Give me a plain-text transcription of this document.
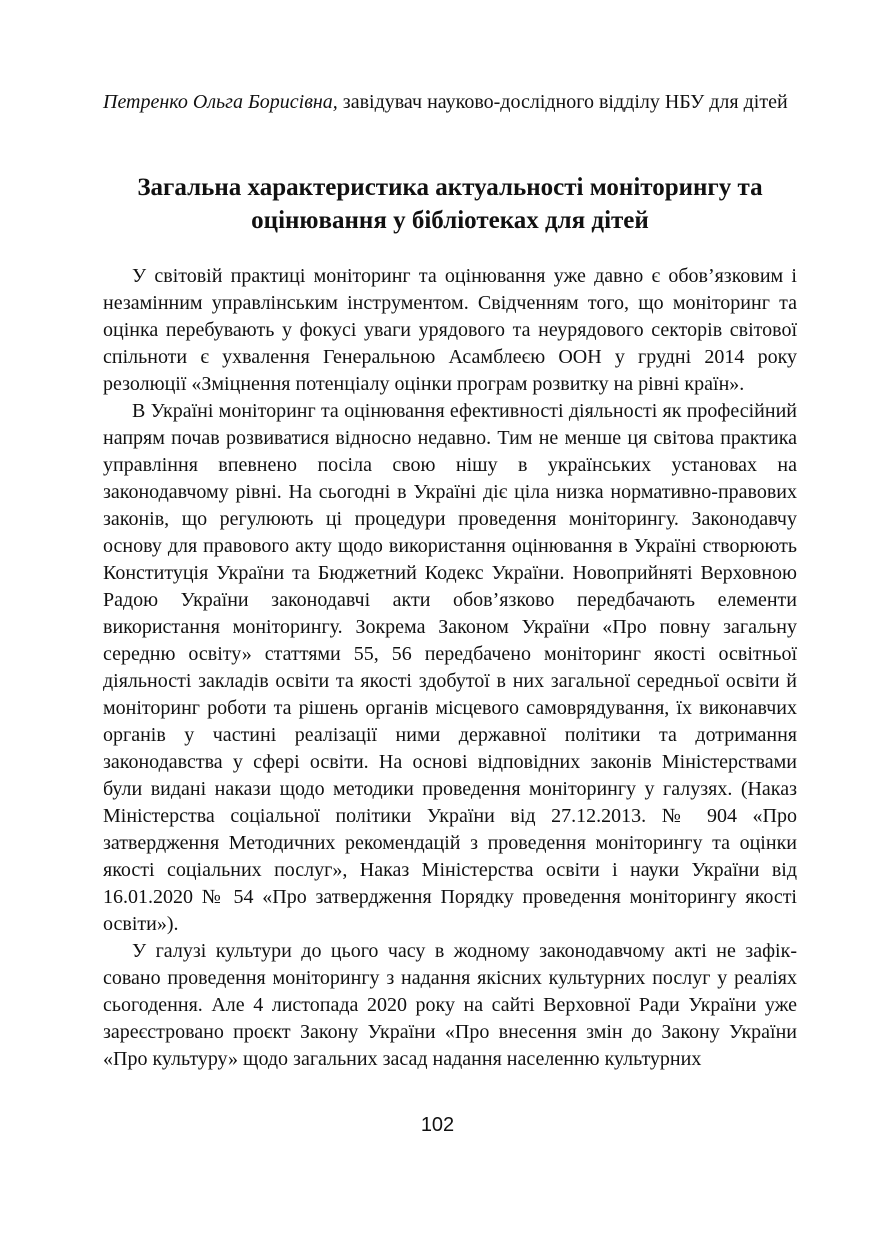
Петренко Ольга Борисівна, завідувач науково-дослідного відділу НБУ для дітей

Загальна характеристика актуальності моніторингу та оцінювання у бібліотеках для дітей

У світовій практиці моніторинг та оцінювання уже давно є обов’язковим і незамінним управлінським інструментом. Свідченням того, що моніторинг та оцінка перебувають у фокусі уваги урядового та неурядового секторів світової спільноти є ухвалення Генеральною Асамблеєю ООН у грудні 2014 року резолюції «Зміцнення потенціалу оцінки програм розвитку на рівні країн».

В Україні моніторинг та оцінювання ефективності діяльності як професійний напрям почав розвиватися відносно недавно. Тим не менше ця світова практика управління впевнено посіла свою нішу в українських установах на законодавчому рівні. На сьогодні в Україні діє ціла низка нормативно-правових законів, що регулюють ці процедури проведення моніторингу. Законодавчу основу для правового акту щодо використання оцінювання в Україні створюють Конституція України та Бюджетний Кодекс України. Новоприйняті Верховною Радою України законодавчі акти обов’язково передбачають елементи використання моніторингу. Зокрема Законом України «Про повну загальну середню освіту» статтями 55, 56 передбачено моніторинг якості освітньої діяльності закладів освіти та якості здобутої в них загальної середньої освіти й моніторинг роботи та рішень органів місцевого самоврядування, їх виконавчих органів у частині реалізації ними державної політики та дотримання законодавства у сфері освіти. На основі відповідних законів Міністерствами були видані накази щодо методики проведення моніторингу у галузях. (Наказ Міністерства соціальної політики України від 27.12.2013. № 904 «Про затвердження Методичних рекомендацій з проведення моніторингу та оцінки якості соціальних послуг», Наказ Міністерства освіти і науки України від 16.01.2020 № 54 «Про затвердження Порядку проведення моніторингу якості освіти»).

У галузі культури до цього часу в жодному законодавчому акті не зафіксовано проведення моніторингу з надання якісних культурних послуг у реаліях сьогодення. Але 4 листопада 2020 року на сайті Верховної Ради України уже зареєстровано проєкт Закону України «Про внесення змін до Закону України «Про культуру» щодо загальних засад надання населенню культурних

102
